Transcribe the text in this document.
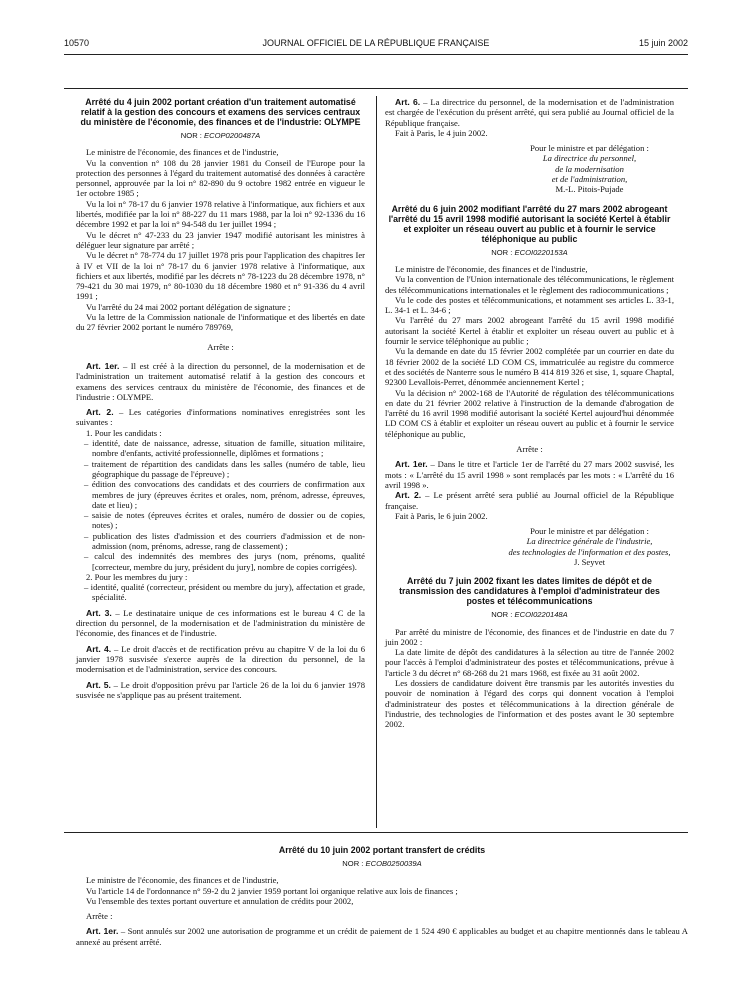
10570	JOURNAL OFFICIEL DE LA RÉPUBLIQUE FRANÇAISE	15 juin 2002
Arrêté du 4 juin 2002 portant création d'un traitement automatisé relatif à la gestion des concours et examens des services centraux du ministère de l'économie, des finances et de l'industrie: OLYMPE
NOR : ECOP0200487A

Le ministre de l'économie, des finances et de l'industrie,

Vu la convention n° 108 du 28 janvier 1981 du Conseil de l'Europe pour la protection des personnes à l'égard du traitement automatisé des données à caractère personnel, approuvée par la loi n° 82-890 du 9 octobre 1982 entrée en vigueur le 1er octobre 1985 ;

Vu la loi n° 78-17 du 6 janvier 1978 relative à l'informatique, aux fichiers et aux libertés, modifiée par la loi n° 88-227 du 11 mars 1988, par la loi n° 92-1336 du 16 décembre 1992 et par la loi n° 94-548 du 1er juillet 1994 ;

Vu le décret n° 47-233 du 23 janvier 1947 modifié autorisant les ministres à déléguer leur signature par arrêté ;

Vu le décret n° 78-774 du 17 juillet 1978 pris pour l'application des chapitres Ier à IV et VII de la loi n° 78-17 du 6 janvier 1978 relative à l'informatique, aux fichiers et aux libertés, modifié par les décrets n° 78-1223 du 28 décembre 1978, n° 79-421 du 30 mai 1979, n° 80-1030 du 18 décembre 1980 et n° 91-336 du 4 avril 1991 ;

Vu l'arrêté du 24 mai 2002 portant délégation de signature ;

Vu la lettre de la Commission nationale de l'informatique et des libertés en date du 27 février 2002 portant le numéro 789769,

Arrête :

Art. 1er. – Il est créé à la direction du personnel, de la modernisation et de l'administration un traitement automatisé relatif à la gestion des concours et examens des services centraux du ministère de l'économie, des finances et de l'industrie : OLYMPE.

Art. 2. – Les catégories d'informations nominatives enregistrées sont les suivantes :

1. Pour les candidats :

– identité, date de naissance, adresse, situation de famille, situation militaire, nombre d'enfants, activité professionnelle, diplômes et formations ;

– traitement de répartition des candidats dans les salles (numéro de table, lieu géographique du passage de l'épreuve) ;

– édition des convocations des candidats et des courriers de confirmation aux membres de jury (épreuves écrites et orales, nom, prénom, adresse, épreuves, date et lieu) ;

– saisie de notes (épreuves écrites et orales, numéro de dossier ou de copies, notes) ;

– publication des listes d'admission et des courriers d'admission et de non-admission (nom, prénoms, adresse, rang de classement) ;

– calcul des indemnités des membres des jurys (nom, prénoms, qualité [correcteur, membre du jury, président du jury], nombre de copies corrigées).

2. Pour les membres du jury :

– identité, qualité (correcteur, président ou membre du jury), affectation et grade, spécialité.

Art. 3. – Le destinataire unique de ces informations est le bureau 4 C de la direction du personnel, de la modernisation et de l'administration du ministère de l'économie, des finances et de l'industrie.

Art. 4. – Le droit d'accès et de rectification prévu au chapitre V de la loi du 6 janvier 1978 susvisée s'exerce auprès de la direction du personnel, de la modernisation et de l'administration, service des concours.

Art. 5. – Le droit d'opposition prévu par l'article 26 de la loi du 6 janvier 1978 susvisée ne s'applique pas au présent traitement.

Art. 6. – La directrice du personnel, de la modernisation et de l'administration est chargée de l'exécution du présent arrêté, qui sera publié au Journal officiel de la République française.

Fait à Paris, le 4 juin 2002.

Pour le ministre et par délégation :

La directrice du personnel,

de la modernisation

et de l'administration,

M.-L. Pitois-Pujade

Arrêté du 6 juin 2002 modifiant l'arrêté du 27 mars 2002 abrogeant l'arrêté du 15 avril 1998 modifié autorisant la société Kertel à établir et exploiter un réseau ouvert au public et à fournir le service téléphonique au public
NOR : ECOI0220153A

Le ministre de l'économie, des finances et de l'industrie,

Vu la convention de l'Union internationale des télécommunications, le règlement des télécommunications internationales et le règlement des radiocommunications ;

Vu le code des postes et télécommunications, et notamment ses articles L. 33-1, L. 34-1 et L. 34-6 ;

Vu l'arrêté du 27 mars 2002 abrogeant l'arrêté du 15 avril 1998 modifié autorisant la société Kertel à établir et exploiter un réseau ouvert au public et à fournir le service téléphonique au public ;

Vu la demande en date du 15 février 2002 complétée par un courrier en date du 18 février 2002 de la société LD COM CS, immatriculée au registre du commerce et des sociétés de Nanterre sous le numéro B 414 819 326 et sise, 1, square Chaptal, 92300 Levallois-Perret, dénommée anciennement Kertel ;

Vu la décision n° 2002-168 de l'Autorité de régulation des télécommunications en date du 21 février 2002 relative à l'instruction de la demande d'abrogation de l'arrêté du 16 avril 1998 modifié autorisant la société Kertel aujourd'hui dénommée LD COM CS à établir et exploiter un réseau ouvert au public et à fournir le service téléphonique au public,

Arrête :

Art. 1er. – Dans le titre et l'article 1er de l'arrêté du 27 mars 2002 susvisé, les mots : « L'arrêté du 15 avril 1998 » sont remplacés par les mots : « L'arrêté du 16 avril 1998 ».

Art. 2. – Le présent arrêté sera publié au Journal officiel de la République française.

Fait à Paris, le 6 juin 2002.

Pour le ministre et par délégation :

La directrice générale de l'industrie,

des technologies de l'information et des postes,

J. Seyvet

Arrêté du 7 juin 2002 fixant les dates limites de dépôt et de transmission des candidatures à l'emploi d'administrateur des postes et télécommunications
NOR : ECOI0220148A

Par arrêté du ministre de l'économie, des finances et de l'industrie en date du 7 juin 2002 :

La date limite de dépôt des candidatures à la sélection au titre de l'année 2002 pour l'accès à l'emploi d'administrateur des postes et télécommunications, prévue à l'article 3 du décret n° 68-268 du 21 mars 1968, est fixée au 31 août 2002.

Les dossiers de candidature doivent être transmis par les autorités investies du pouvoir de nomination à l'égard des corps qui donnent vocation à l'emploi d'administrateur des postes et télécommunications à la direction générale de l'industrie, des technologies de l'information et des postes avant le 30 septembre 2002.

Arrêté du 10 juin 2002 portant transfert de crédits
NOR : ECOB0250039A

Le ministre de l'économie, des finances et de l'industrie,

Vu l'article 14 de l'ordonnance n° 59-2 du 2 janvier 1959 portant loi organique relative aux lois de finances ;

Vu l'ensemble des textes portant ouverture et annulation de crédits pour 2002,

Arrête :

Art. 1er. – Sont annulés sur 2002 une autorisation de programme et un crédit de paiement de 1 524 490 € applicables au budget et au chapitre mentionnés dans le tableau A annexé au présent arrêté.
